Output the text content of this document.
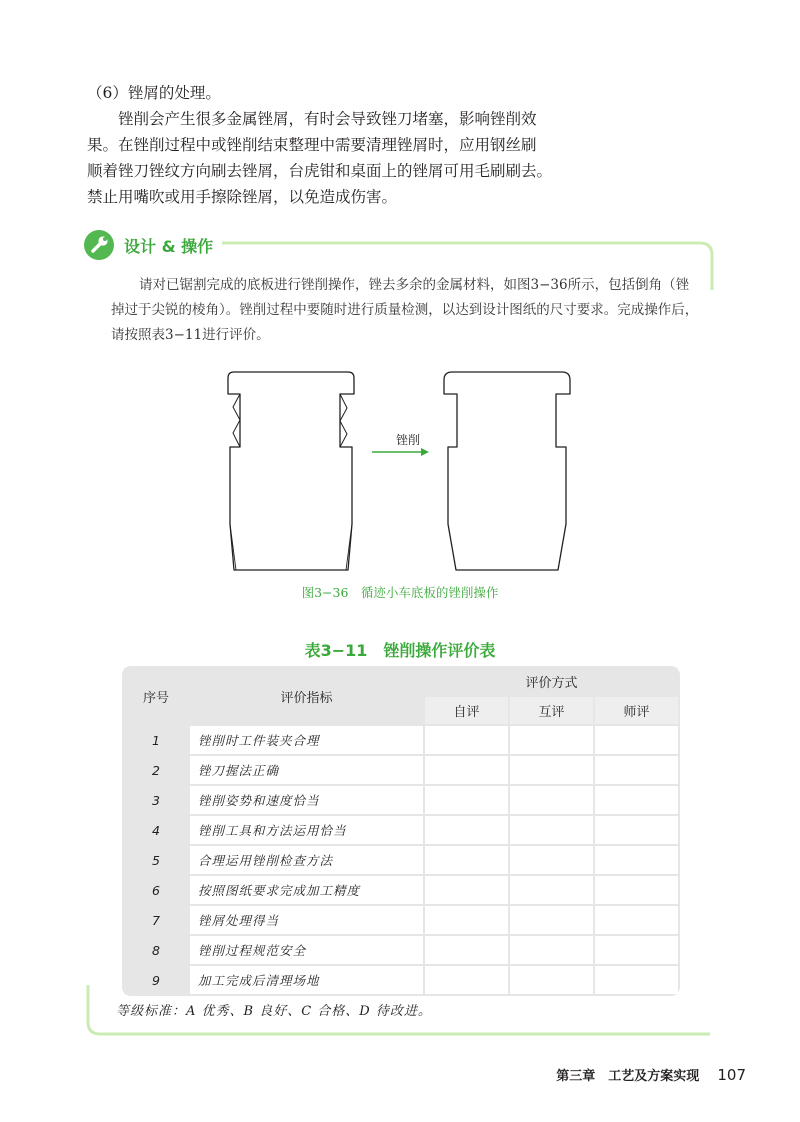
（6）锉屑的处理。

锉削会产生很多金属锉屑，有时会导致锉刀堵塞，影响锉削效

果。在锉削过程中或锉削结束整理中需要清理锉屑时，应用钢丝刷

顺着锉刀锉纹方向刷去锉屑，台虎钳和桌面上的锉屑可用毛刷刷去。

禁止用嘴吹或用手擦除锉屑，以免造成伤害。

设计 & 操作

请对已锯割完成的底板进行锉削操作，锉去多余的金属材料，如图3−36所示，包括倒角（锉掉过于尖锐的棱角）。锉削过程中要随时进行质量检测，以达到设计图纸的尺寸要求。完成操作后，请按照表3−11进行评价。

锉削
图3−36　循迹小车底板的锉削操作
表3−11　锉削操作评价表
序号	评价指标	评价方式		
		自评	互评	师评
1	锉削时工件装夹合理			
2	锉刀握法正确			
3	锉削姿势和速度恰当			
4	锉削工具和方法运用恰当			
5	合理运用锉削检查方法			
6	按照图纸要求完成加工精度			
7	锉屑处理得当			
8	锉削过程规范安全			
9	加工完成后清理场地			
等级标准：A 优秀、B 良好、C 合格、D 待改进。
第三章　工艺及方案实现 107
